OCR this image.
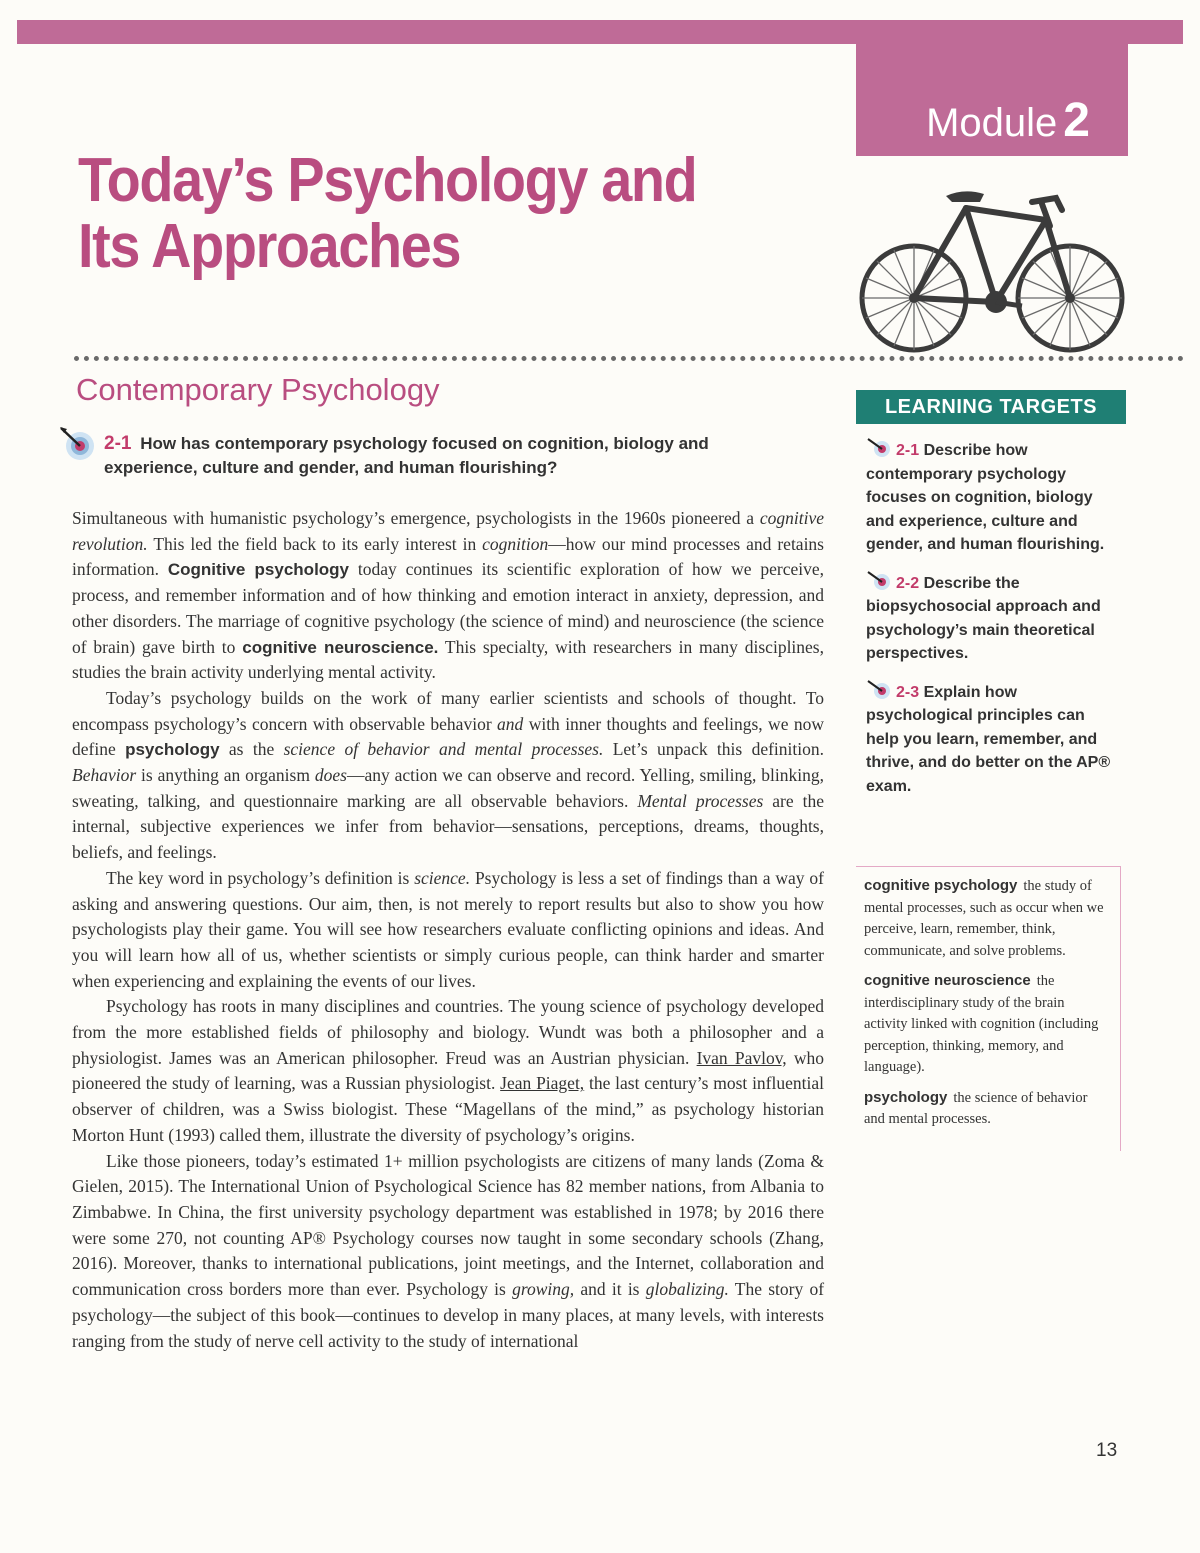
Module 2
Today’s Psychology and
Its Approaches
Contemporary Psychology	LEARNING TARGETS

2-1 How has contemporary psychology focused on cognition, biology and experience, culture and gender, and human flourishing?

Simultaneous with humanistic psychology’s emergence, psychologists in the 1960s pioneered a cognitive revolution. This led the field back to its early interest in cognition—how our mind processes and retains information. Cognitive psychology today continues its scientific exploration of how we perceive, process, and remember information and of how thinking and emotion interact in anxiety, depression, and other disorders. The marriage of cognitive psychology (the science of mind) and neuroscience (the science of brain) gave birth to cognitive neuroscience. This specialty, with researchers in many disciplines, studies the brain activity underlying mental activity.

Today’s psychology builds on the work of many earlier scientists and schools of thought. To encompass psychology’s concern with observable behavior and with inner thoughts and feelings, we now define psychology as the science of behavior and mental processes. Let’s unpack this definition. Behavior is anything an organism does—any action we can observe and record. Yelling, smiling, blinking, sweating, talking, and questionnaire marking are all observable behaviors. Mental processes are the internal, subjective experiences we infer from behavior—sensations, perceptions, dreams, thoughts, beliefs, and feelings.

The key word in psychology’s definition is science. Psychology is less a set of findings than a way of asking and answering questions. Our aim, then, is not merely to report results but also to show you how psychologists play their game. You will see how researchers evaluate conflicting opinions and ideas. And you will learn how all of us, whether scientists or simply curious people, can think harder and smarter when experiencing and explaining the events of our lives.

Psychology has roots in many disciplines and countries. The young science of psychology developed from the more established fields of philosophy and biology. Wundt was both a philosopher and a physiologist. James was an American philosopher. Freud was an Austrian physician. Ivan Pavlov, who pioneered the study of learning, was a Russian physiologist. Jean Piaget, the last century’s most influential observer of children, was a Swiss biologist. These “Magellans of the mind,” as psychology historian Morton Hunt (1993) called them, illustrate the diversity of psychology’s origins.

Like those pioneers, today’s estimated 1+ million psychologists are citizens of many lands (Zoma & Gielen, 2015). The International Union of Psychological Science has 82 member nations, from Albania to Zimbabwe. In China, the first university psychology department was established in 1978; by 2016 there were some 270, not counting AP® Psychology courses now taught in some secondary schools (Zhang, 2016). Moreover, thanks to international publications, joint meetings, and the Internet, collaboration and communication cross borders more than ever. Psychology is growing, and it is globalizing. The story of psychology—the subject of this book—continues to develop in many places, at many levels, with interests ranging from the study of nerve cell activity to the study of international

2-1 Describe how contemporary psychology focuses on cognition, biology and experience, culture and gender, and human flourishing.
2-2 Describe the biopsychosocial approach and psychology’s main theoretical perspectives.
2-3 Explain how psychological principles can help you learn, remember, and thrive, and do better on the AP® exam.
cognitive psychology the study of mental processes, such as occur when we perceive, learn, remember, think, communicate, and solve problems.
cognitive neuroscience the interdisciplinary study of the brain activity linked with cognition (including perception, thinking, memory, and language).
psychology the science of behavior and mental processes.
13
